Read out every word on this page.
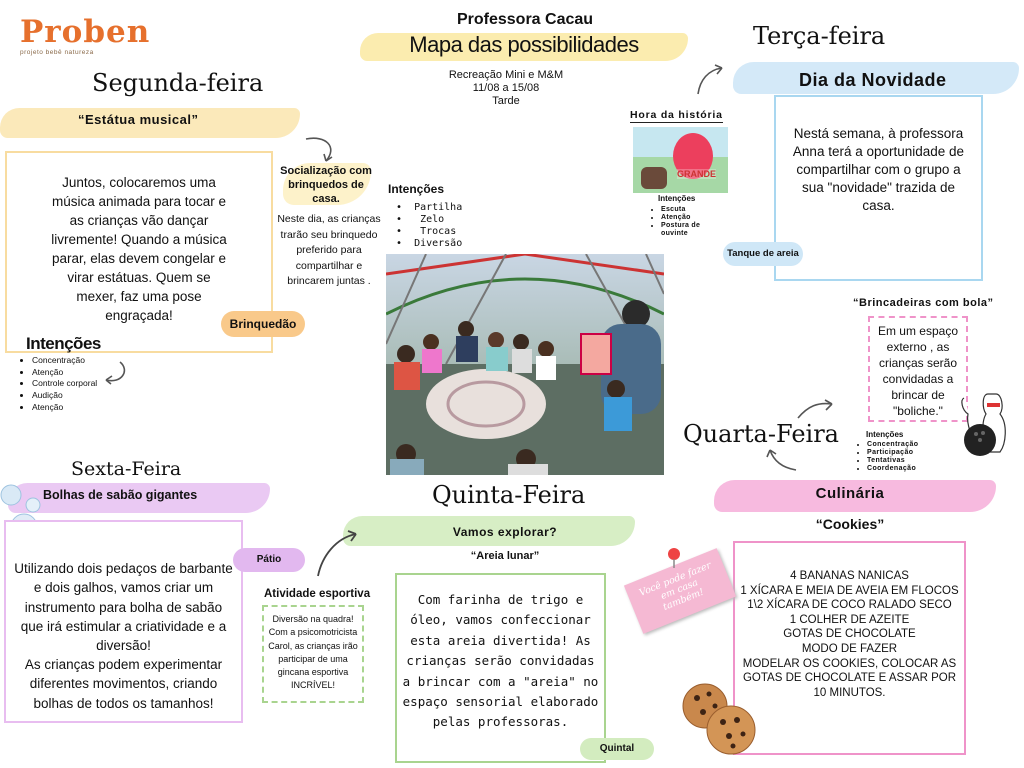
Proben
projeto bebê natureza
Professora Cacau
Mapa das possibilidades
Recreação Mini e M&M
11/08 a 15/08
Tarde
Segunda-feira
“Estátua musical”
Juntos, colocaremos uma música animada para tocar e as crianças vão dançar livremente! Quando a música parar, elas devem congelar e virar estátuas. Quem se mexer, faz uma pose engraçada!
Brinquedão
Intenções
• Concentração
• Atenção
• Controle corporal
• Audição
• Atenção
Socialização com brinquedos de casa.
Neste dia, as crianças trarão seu brinquedo preferido para compartilhar e brincarem juntas .
Intenções
•  Partilha
•   Zelo
•   Trocas
•  Diversão
Hora da história
GRANDE
Intenções
• Escuta
• Atenção
• Postura de ouvinte
Terça-feira
Dia da Novidade
Nestá semana, à professora Anna terá a oportunidade de compartilhar com o grupo a sua "novidade" trazida de casa.
Tanque de areia
“Brincadeiras com bola”
Em um espaço externo , as crianças serão convidadas a brincar de "boliche."
Intenções
• Concentração
• Participação
• Tentativas
• Coordenação
Quarta-Feira
Culinária
“Cookies”
4 BANANAS NANICAS
1 XÍCARA E MEIA DE AVEIA EM FLOCOS
1\2 XÍCARA DE COCO RALADO SECO
1 COLHER DE AZEITE
GOTAS DE CHOCOLATE
MODO DE FAZER
MODELAR OS COOKIES, COLOCAR AS GOTAS DE CHOCOLATE E ASSAR POR 10 MINUTOS.
Você pode fazer em casa também!
Quinta-Feira
Vamos explorar?
“Areia lunar”
Com farinha de trigo e óleo, vamos confeccionar esta areia divertida! As crianças serão convidadas a brincar com a "areia" no espaço sensorial elaborado pelas professoras.
Quintal
Atividade esportiva
Diversão na quadra! Com a psicomotricista Carol, as crianças irão participar de uma gincana esportiva INCRÍVEL!
Sexta-Feira
Bolhas de sabão gigantes

Utilizando dois pedaços de barbante e dois galhos, vamos criar um instrumento para bolha de sabão que irá estimular a criatividade e a diversão!
As crianças podem experimentar diferentes movimentos, criando bolhas de todos os tamanhos!

Pátio
